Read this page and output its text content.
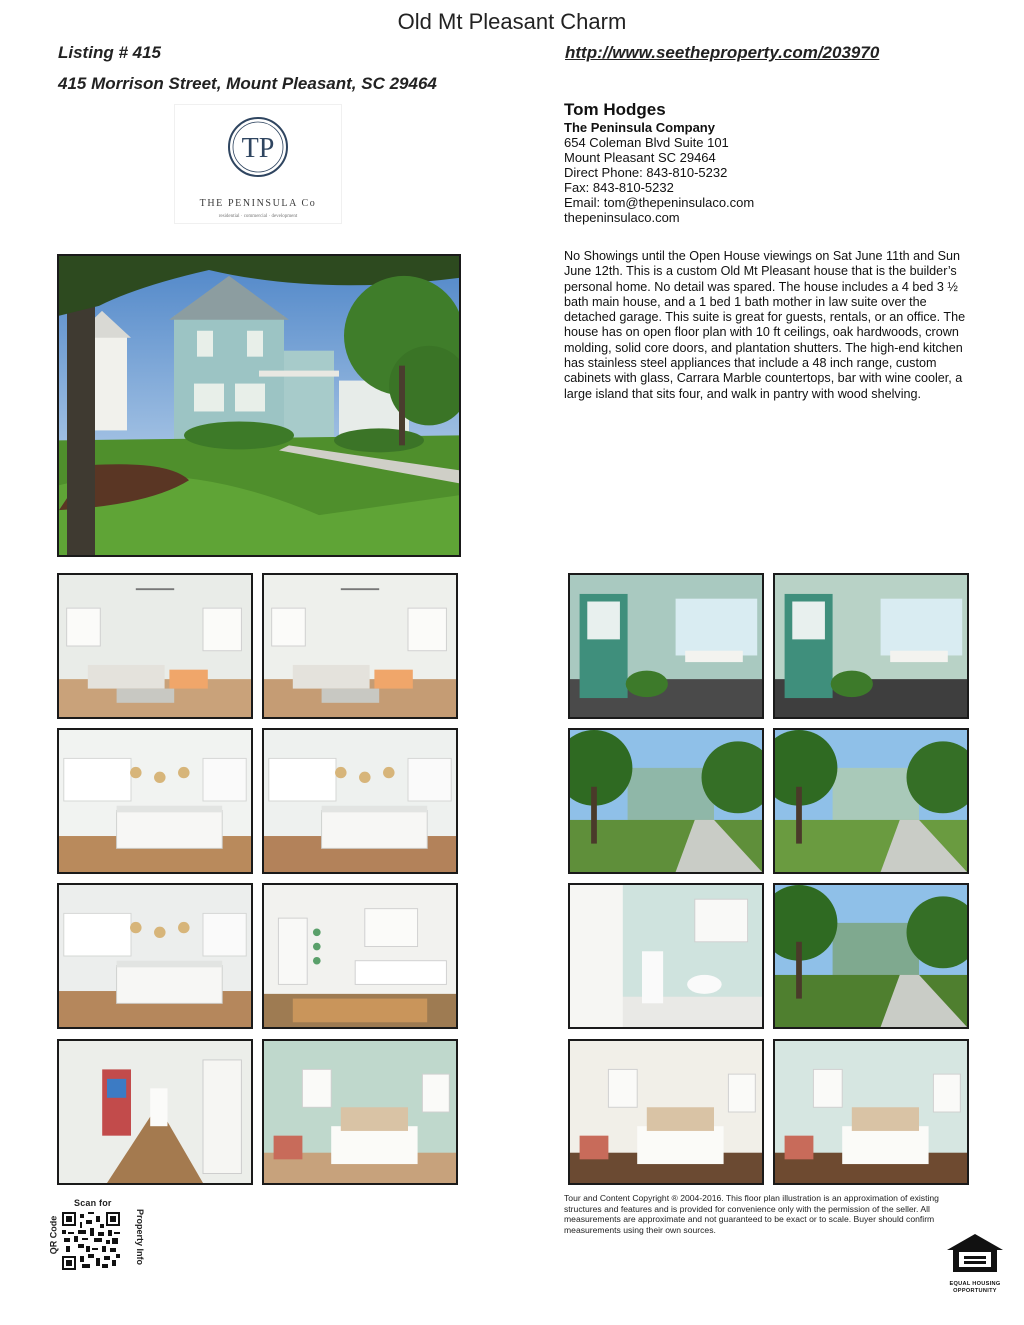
Old Mt Pleasant Charm
Listing # 415
415 Morrison Street, Mount Pleasant, SC 29464
http://www.seetheproperty.com/203970
TP
THE PENINSULA Co
residential · commercial · development
Tom Hodges
The Peninsula Company
654 Coleman Blvd Suite 101
Mount Pleasant SC 29464
Direct Phone: 843-810-5232
Fax: 843-810-5232
Email: tom@thepeninsulaco.com
thepeninsulaco.com
No Showings until the Open House viewings on Sat June 11th and Sun June 12th. This is a custom Old Mt Pleasant house that is the builder’s personal home. No detail was spared. The house includes a 4 bed 3 ½ bath main house, and a 1 bed 1 bath mother in law suite over the detached garage. This suite is great for guests, rentals, or an office. The house has on open floor plan with 10 ft ceilings, oak hardwoods, crown molding, solid core doors, and plantation shutters. The high-end kitchen has stainless steel appliances that include a 48 inch range, custom cabinets with glass, Carrara Marble countertops, bar with wine cooler, a large island that sits four, and walk in pantry with wood shelving.
Tour and Content Copyright ® 2004-2016. This floor plan illustration is an approximation of existing structures and features and is provided for convenience only with the permission of the seller. All measurements are approximate and not guaranteed to be exact or to scale. Buyer should confirm measurements using their own sources.
Scan for
QR Code	Property Info
EQUAL HOUSING
OPPORTUNITY
